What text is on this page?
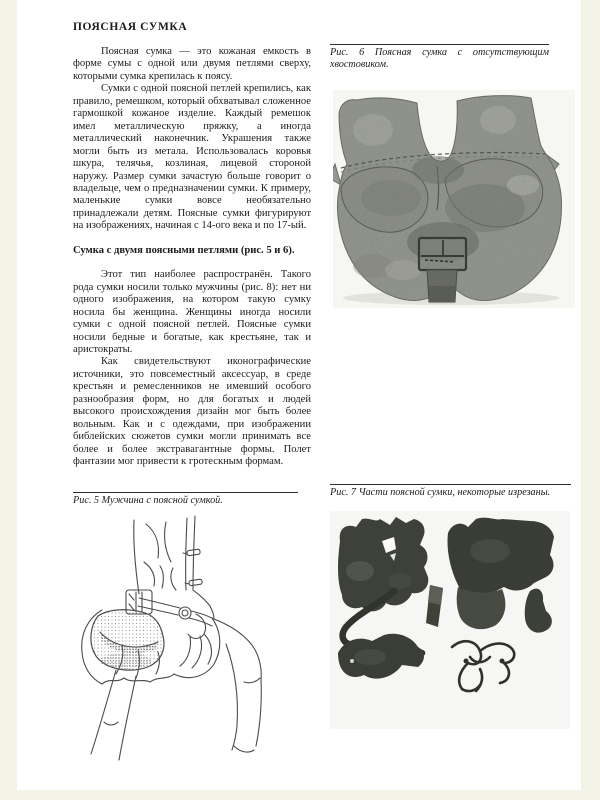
ПОЯСНАЯ СУМКА

Поясная сумка — это кожаная емкость в форме сумы с одной или двумя петлями сверху, которыми сумка крепилась к поясу.

Сумки с одной поясной петлей крепились, как правило, ремешком, который обхватывал сложенное гармошкой кожаное изделие. Каждый ремешок имел металлическую пряжку, а иногда металлический наконечник. Украшения также могли быть из метала. Использовалась коровья шкура, телячья, козлиная, лицевой стороной наружу. Размер сумки зачастую больше говорит о владельце, чем о предназначении сумки. К примеру, маленькие сумки вовсе необязательно принадлежали детям. Поясные сумки фигурируют на изображениях, начиная с 14-ого века и по 17-ый.

Сумка с двумя поясными петлями (рис. 5 и 6).

Этот тип наиболее распространён. Такого рода сумки носили только мужчины (рис. 8): нет ни одного изображения, на котором такую сумку носила бы женщина. Женщины иногда носили сумки с одной поясной петлей. Поясные сумки носили бедные и богатые, как крестьяне, так и аристократы.

Как свидетельствуют иконографические источники, это повсеместный аксессуар, в среде крестьян и ремесленников не имевший особого разнообразия форм, но для богатых и людей высокого происхождения дизайн мог быть более вольным. Как и с одеждами, при изображении библейских сюжетов сумки могли принимать все более и более экстравагантные формы. Полет фантазии мог привести к гротескным формам.

Рис. 6 Поясная сумка с отсутствующим хвостовиком.
Рис. 5 Мужчина с поясной сумкой.
Рис. 7 Части поясной сумки, некоторые изрезаны.
